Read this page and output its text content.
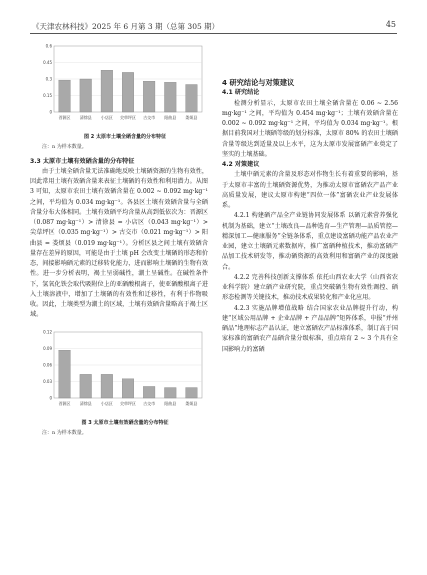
《天津农林科技》2025 年 6 月第 3 期（总第 305 期）	45
0
0.15
0.3
0.45
0.6
晋源区 清徐县 小店区 尖草坪区 古交市 阳曲县 娄烦县

图 2 太原市土壤全硒含量的分布特征

注：n 为样本数量。

3.3 太原市土壤有效硒含量的分布特征

由于土壤全硒含量无法准确地反映土壤硒资源的生物有效性，因此常用土壤有效硒含量来表征土壤硒的有效性和利用潜力。从图 3 可知，太原市农田土壤有效硒含量在 0.002 ~ 0.092 mg·kg⁻¹ 之间，平均值为 0.034 mg·kg⁻¹。各县区土壤有效硒含量与全硒含量分布大体相同。土壤有效硒平均含量从高到低依次为：晋源区（0.087 mg·kg⁻¹）> 清徐县 = 小店区（0.043 mg·kg⁻¹）> 尖草坪区（0.035 mg·kg⁻¹）> 古交市（0.021 mg·kg⁻¹）> 阳曲县 = 娄烦县（0.019 mg·kg⁻¹）。分析区县之间土壤有效硒含量存在差异的原因，可能是由于土壤 pH 会改变土壤硒的形态和价态，间接影响硒元素的迁移转化能力，进而影响土壤硒的生物有效性。进一步分析表明，褐土呈弱碱性，潮土呈碱性。在碱性条件下，氢氧化铁会取代吸附位上的亚硒酸根离子，使亚硒酸根离子进入土壤溶液中，增加了土壤硒的有效性和迁移性，有利于作物吸收。因此，土壤类型为潮土的区域，土壤有效硒含量略高于褐土区域。

0
0.03
0.06
0.09
0.12
晋源区 清徐县 小店区 尖草坪区 古交市 阳曲县 娄烦县

图 3 太原市土壤有效硒含量的分布特征

注：n 为样本数量。

4 研究结论与对策建议

4.1 研究结论

检测分析显示，太原市农田土壤全硒含量在 0.06 ~ 2.56 mg·kg⁻¹ 之间，平均值为 0.454 mg·kg⁻¹；土壤有效硒含量在 0.002 ~ 0.092 mg·kg⁻¹ 之间，平均值为 0.034 mg·kg⁻¹。根据目前我国对土壤硒等级的划分标准，太原市 80% 的农田土壤硒含量等级达到适量及以上水平，这为太原市发展富硒产业奠定了坚实的土壤基础。

4.2 对策建议

土壤中硒元素的含量及形态对作物生长有着重要的影响，基于太原市丰富的土壤硒资源优势，为推动太原市富硒农产品产业高质量发展，建议太原市构建“四位一体”富硒农业产业发展体系。

4.2.1 构建硒产品全产业链协同发展体系 以硒元素营养强化机制为基础，建立“土壤改良—品种选育—生产管理—品质管控—精深加工—健康服务”全链条体系，重点建设富硒功能产品农业产业园，建立土壤硒元素数据库，推广富硒种植技术，推动富硒产品加工技术研发等，推动硒资源的高效利用和富硒产业的深度融合。

4.2.2 完善科技创新支撑体系 依托山西农业大学（山西省农业科学院）建立硒产业研究院，重点突破硒生物有效性调控、硒形态检测等关键技术，推动技术成果转化和产业化应用。

4.2.3 实施品牌增值战略 结合国家农业品牌提升行动，构建“区域公用品牌 + 企业品牌 + 产品品牌”矩阵体系，申报“并州硒品”地理标志产品认证，建立富硒农产品标准体系，制订高于国家标准的富硒农产品硒含量分级标准，重点培育 2 ~ 3 个具有全国影响力的富硒
